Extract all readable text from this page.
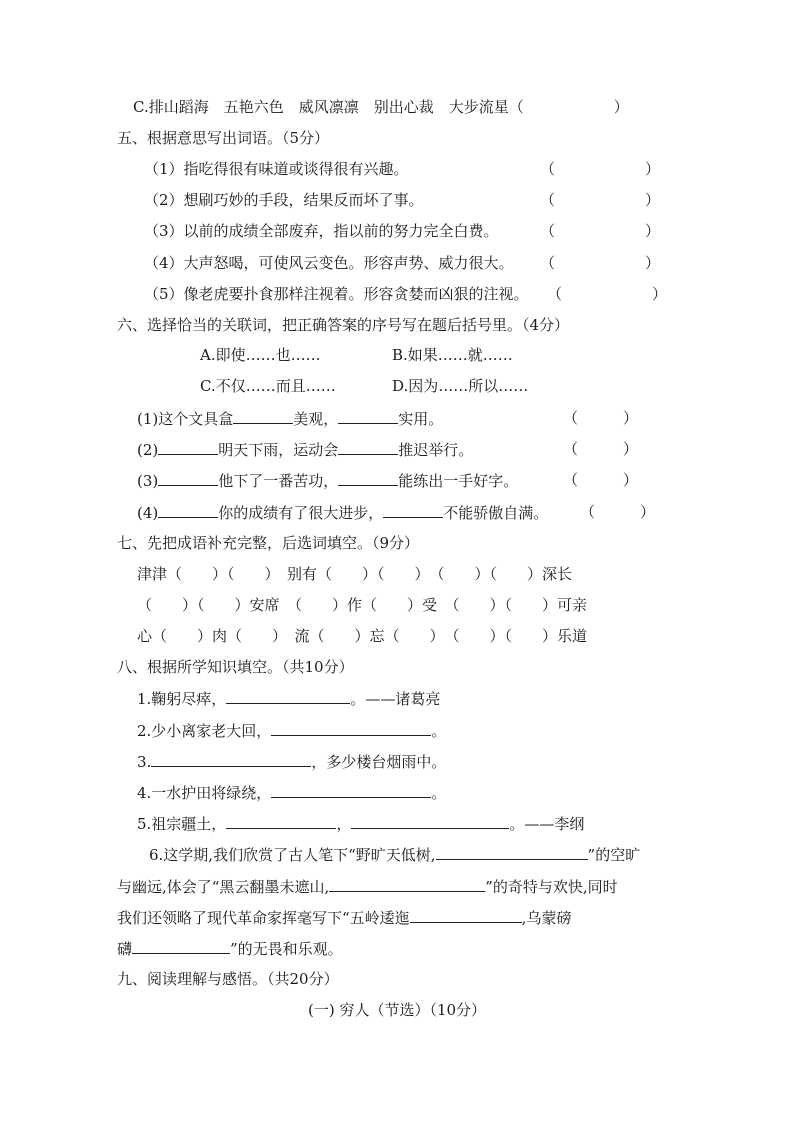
C.排山蹈海　五艳六色　威风凛凛　别出心裁　大步流星（　　　　　　）
五、根据意思写出词语。（5分）
（1）指吃得很有味道或谈得很有兴趣。	（　　　　　　）
（2）想刷巧妙的手段，结果反而坏了事。	（　　　　　　）
（3）以前的成绩全部废弃，指以前的努力完全白费。	（　　　　　　）
（4）大声怒喝，可使风云变色。形容声势、威力很大。 （　　　　　　）
（5）像老虎要扑食那样注视着。形容贪婪而凶狠的注视。 （　　　　　　）
六、选择恰当的关联词，把正确答案的序号写在题后括号里。（4分）
A.即使……也……	B.如果……就……
C.不仅……而且……	D.因为……所以……
(1)这个文具盒	美观，	实用。	（　　　）
(2)	明天下雨，运动会	推迟举行。	（　　　）
(3)	他下了一番苦功，	能练出一手好字。	（　　　）
(4)	你的成绩有了很大进步，	不能骄傲自满。 （　　　）
七、先把成语补充完整，后选词填空。（9分）
津津（　　）（　　）　别有（　　）（　　）　（　　）（　　）深长
（　　）（　　）安席　（　　）作（　　）受　（　　）（　　）可亲
心（　　）肉（　　）　流（　　）忘（　　）　（　　）（　　）乐道
八、根据所学知识填空。（共10分）
1.鞠躬尽瘁，	。——诸葛亮
2.少小离家老大回，	。
3.	，多少楼台烟雨中。
4.一水护田将绿绕，	。
5.祖宗疆土，	，	。——李纲
6.这学期,我们欣赏了古人笔下“野旷天低树,	”的空旷
与幽远,体会了“黑云翻墨未遮山,	”的奇特与欢快,同时
我们还领略了现代革命家挥毫写下“五岭逶迤	,乌蒙磅
礴	”的无畏和乐观。
九、阅读理解与感悟。（共20分）
(一) 穷人（节选）（10分）
